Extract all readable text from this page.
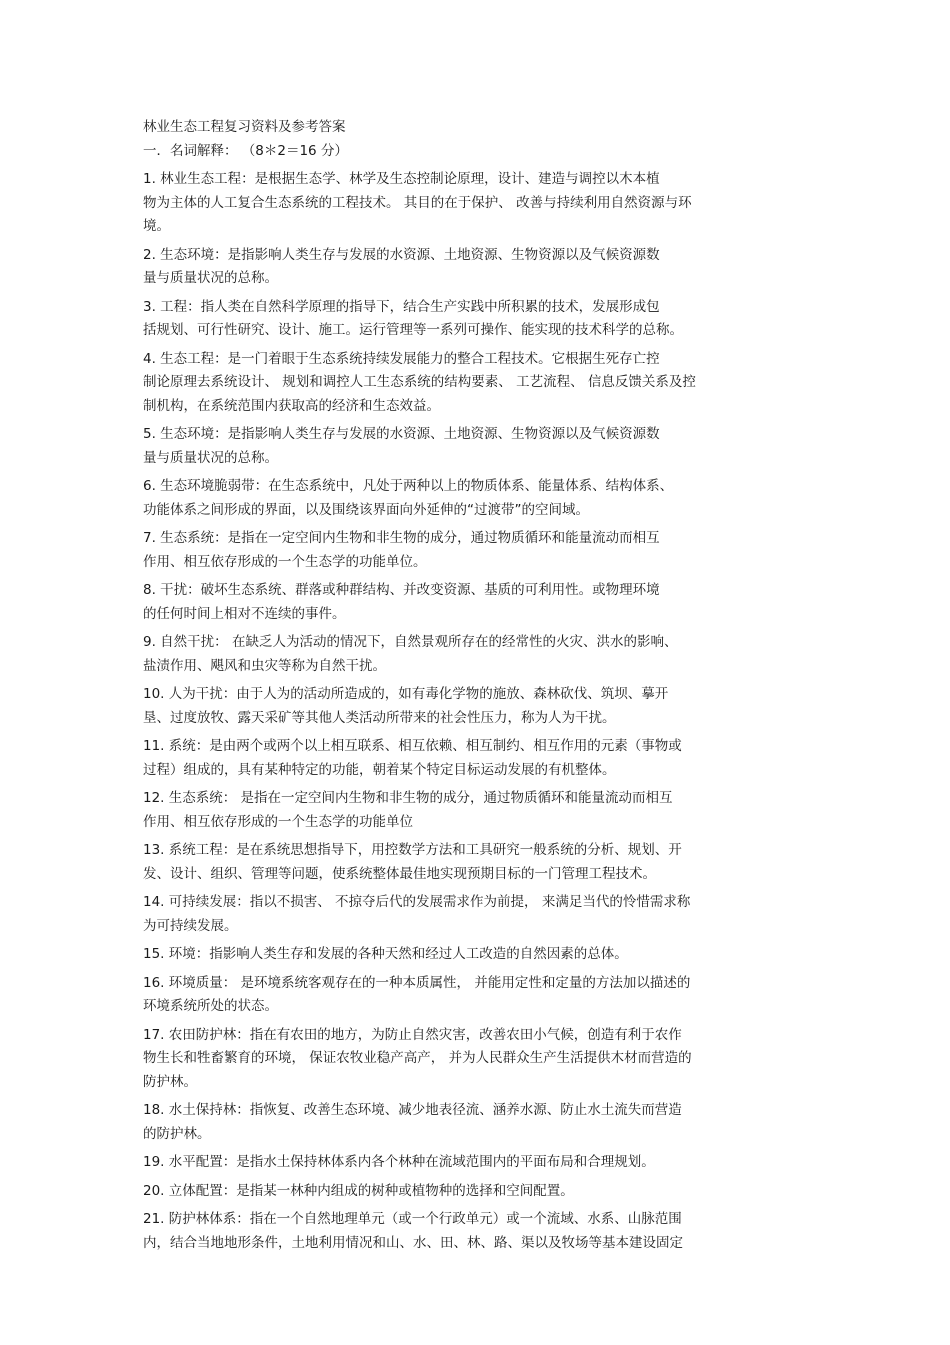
林业生态工程复习资料及参考答案
一．名词解释： （8＊2＝16 分）
1. 林业生态工程：是根据生态学、林学及生态控制论原理，设计、建造与调控以木本植
物为主体的人工复合生态系统的工程技术。 其目的在于保护、 改善与持续利用自然资源与环
境。
2. 生态环境：是指影响人类生存与发展的水资源、土地资源、生物资源以及气候资源数
量与质量状况的总称。
3. 工程：指人类在自然科学原理的指导下，结合生产实践中所积累的技术，发展形成包
括规划、可行性研究、设计、施工。运行管理等一系列可操作、能实现的技术科学的总称。
4. 生态工程：是一门着眼于生态系统持续发展能力的整合工程技术。它根据生死存亡控
制论原理去系统设计、 规划和调控人工生态系统的结构要素、 工艺流程、 信息反馈关系及控
制机构，在系统范围内获取高的经济和生态效益。
5. 生态环境：是指影响人类生存与发展的水资源、土地资源、生物资源以及气候资源数
量与质量状况的总称。
6. 生态环境脆弱带：在生态系统中，凡处于两种以上的物质体系、能量体系、结构体系、
功能体系之间形成的界面，以及围绕该界面向外延伸的“过渡带”的空间域。
7. 生态系统：是指在一定空间内生物和非生物的成分，通过物质循环和能量流动而相互
作用、相互依存形成的一个生态学的功能单位。
8. 干扰：破坏生态系统、群落或种群结构、并改变资源、基质的可利用性。或物理环境
的任何时间上相对不连续的事件。
9. 自然干扰： 在缺乏人为活动的情况下，自然景观所存在的经常性的火灾、洪水的影响、
盐渍作用、飓风和虫灾等称为自然干扰。
10. 人为干扰：由于人为的活动所造成的，如有毒化学物的施放、森林砍伐、筑坝、摹开
垦、过度放牧、露天采矿等其他人类活动所带来的社会性压力，称为人为干扰。
11. 系统：是由两个或两个以上相互联系、相互依赖、相互制约、相互作用的元素（事物或
过程）组成的，具有某种特定的功能，朝着某个特定目标运动发展的有机整体。
12. 生态系统： 是指在一定空间内生物和非生物的成分，通过物质循环和能量流动而相互
作用、相互依存形成的一个生态学的功能单位
13. 系统工程：是在系统思想指导下，用控数学方法和工具研究一般系统的分析、规划、开
发、设计、组织、管理等问题，使系统整体最佳地实现预期目标的一门管理工程技术。
14. 可持续发展：指以不损害、 不掠夺后代的发展需求作为前提， 来满足当代的怜惜需求称
为可持续发展。
15. 环境：指影响人类生存和发展的各种天然和经过人工改造的自然因素的总体。
16. 环境质量： 是环境系统客观存在的一种本质属性， 并能用定性和定量的方法加以描述的
环境系统所处的状态。
17. 农田防护林：指在有农田的地方，为防止自然灾害，改善农田小气候，创造有利于农作
物生长和牲畜繁育的环境， 保证农牧业稳产高产， 并为人民群众生产生活提供木材而营造的
防护林。
18. 水土保持林：指恢复、改善生态环境、减少地表径流、涵养水源、防止水土流失而营造
的防护林。
19. 水平配置：是指水土保持林体系内各个林种在流域范围内的平面布局和合理规划。
20. 立体配置：是指某一林种内组成的树种或植物种的选择和空间配置。
21. 防护林体系：指在一个自然地理单元（或一个行政单元）或一个流域、水系、山脉范围
内，结合当地地形条件，土地利用情况和山、水、田、林、路、渠以及牧场等基本建设固定
